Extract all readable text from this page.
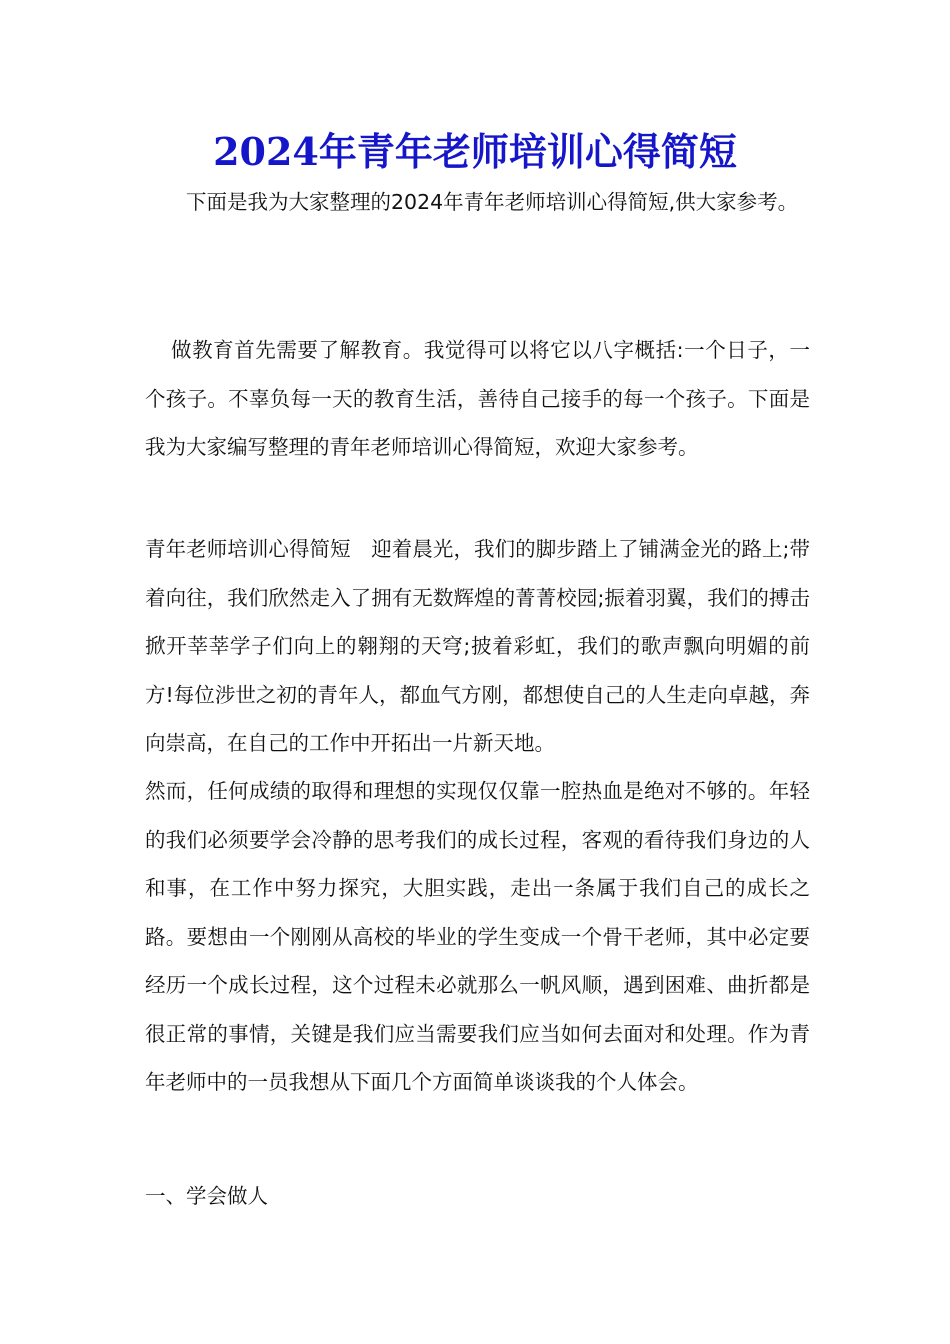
2024年青年老师培训心得简短
下面是我为大家整理的2024年青年老师培训心得简短,供大家参考。
做教育首先需要了解教育。我觉得可以将它以八字概括:一个日子，一个孩子。不辜负每一天的教育生活，善待自己接手的每一个孩子。下面是我为大家编写整理的青年老师培训心得简短，欢迎大家参考。
青年老师培训心得简短　迎着晨光，我们的脚步踏上了铺满金光的路上;带着向往，我们欣然走入了拥有无数辉煌的菁菁校园;振着羽翼，我们的搏击掀开莘莘学子们向上的翱翔的天穹;披着彩虹，我们的歌声飘向明媚的前方!每位涉世之初的青年人，都血气方刚，都想使自己的人生走向卓越，奔向崇高，在自己的工作中开拓出一片新天地。
然而，任何成绩的取得和理想的实现仅仅靠一腔热血是绝对不够的。年轻的我们必须要学会冷静的思考我们的成长过程，客观的看待我们身边的人和事，在工作中努力探究，大胆实践，走出一条属于我们自己的成长之路。要想由一个刚刚从高校的毕业的学生变成一个骨干老师，其中必定要经历一个成长过程，这个过程未必就那么一帆风顺，遇到困难、曲折都是很正常的事情，关键是我们应当需要我们应当如何去面对和处理。作为青年老师中的一员我想从下面几个方面简单谈谈我的个人体会。
一、学会做人
